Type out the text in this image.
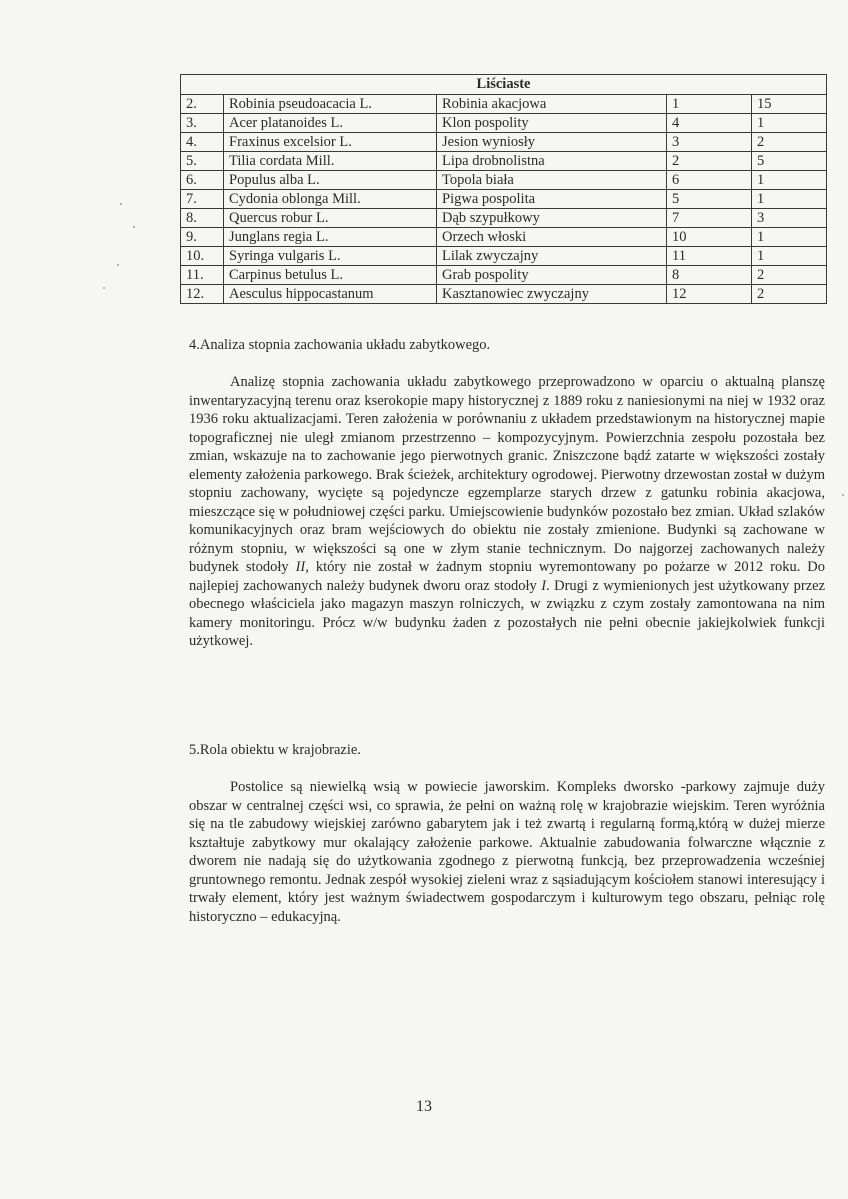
Liściaste				
2.	Robinia pseudoacacia L.	Robinia akacjowa	1	15
3.	Acer platanoides L.	Klon pospolity	4	1
4.	Fraxinus excelsior L.	Jesion wyniosły	3	2
5.	Tilia cordata Mill.	Lipa drobnolistna	2	5
6.	Populus alba L.	Topola biała	6	1
7.	Cydonia oblonga Mill.	Pigwa pospolita	5	1
8.	Quercus robur L.	Dąb szypułkowy	7	3
9.	Junglans regia L.	Orzech włoski	10	1
10.	Syringa vulgaris L.	Lilak zwyczajny	11	1
11.	Carpinus betulus L.	Grab pospolity	8	2
12.	Aesculus hippocastanum	Kasztanowiec zwyczajny	12	2
4.Analiza stopnia zachowania układu zabytkowego.

Analizę stopnia zachowania układu zabytkowego przeprowadzono w oparciu o aktualną planszę inwentaryzacyjną terenu oraz kserokopie mapy historycznej z 1889 roku z naniesionymi na niej w 1932 oraz 1936 roku aktualizacjami. Teren założenia w porównaniu z układem przedstawionym na historycznej mapie topograficznej nie uległ zmianom przestrzenno – kompozycyjnym. Powierzchnia zespołu pozostała bez zmian, wskazuje na to zachowanie jego pierwotnych granic. Zniszczone bądź zatarte w większości zostały elementy założenia parkowego. Brak ścieżek, architektury ogrodowej. Pierwotny drzewostan został w dużym stopniu zachowany, wycięte są pojedyncze egzemplarze starych drzew z gatunku robinia akacjowa, mieszczące się w południowej części parku. Umiejscowienie budynków pozostało bez zmian. Układ szlaków komunikacyjnych oraz bram wejściowych do obiektu nie zostały zmienione. Budynki są zachowane w różnym stopniu, w większości są one w złym stanie technicznym. Do najgorzej zachowanych należy budynek stodoły II, który nie został w żadnym stopniu wyremontowany po pożarze w 2012 roku. Do najlepiej zachowanych należy budynek dworu oraz stodoły I. Drugi z wymienionych jest użytkowany przez obecnego właściciela jako magazyn maszyn rolniczych, w związku z czym zostały zamontowana na nim kamery monitoringu. Prócz w/w budynku żaden z pozostałych nie pełni obecnie jakiejkolwiek funkcji użytkowej.

5.Rola obiektu w krajobrazie.

Postolice są niewielką wsią w powiecie jaworskim. Kompleks dworsko -parkowy zajmuje duży obszar w centralnej części wsi, co sprawia, że pełni on ważną rolę w krajobrazie wiejskim. Teren wyróżnia się na tle zabudowy wiejskiej zarówno gabarytem jak i też zwartą i regularną formą,którą w dużej mierze kształtuje zabytkowy mur okalający założenie parkowe. Aktualnie zabudowania folwarczne włącznie z dworem nie nadają się do użytkowania zgodnego z pierwotną funkcją, bez przeprowadzenia wcześniej gruntownego remontu. Jednak zespół wysokiej zieleni wraz z sąsiadującym kościołem stanowi interesujący i trwały element, który jest ważnym świadectwem gospodarczym i kulturowym tego obszaru, pełniąc rolę historyczno – edukacyjną.

13
